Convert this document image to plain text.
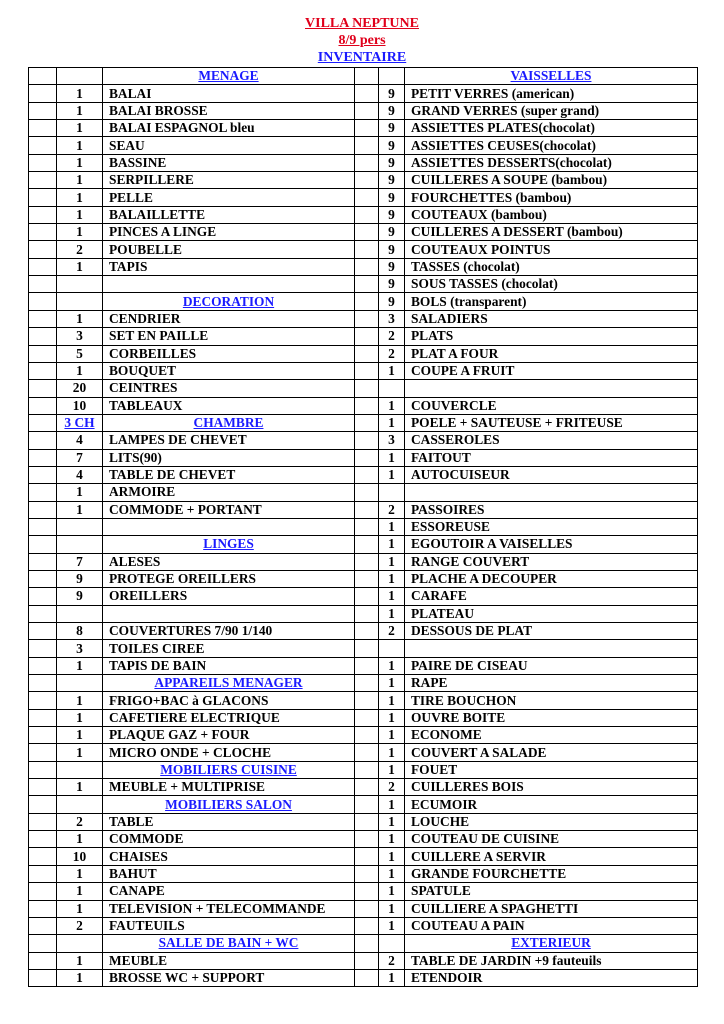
VILLA NEPTUNE
8/9 pers
INVENTAIRE
		MENAGE			VAISSELLES
	1	BALAI		9	PETIT VERRES (american)
	1	BALAI BROSSE		9	GRAND VERRES (super grand)
	1	BALAI ESPAGNOL bleu		9	ASSIETTES PLATES(chocolat)
	1	SEAU		9	ASSIETTES CEUSES(chocolat)
	1	BASSINE		9	ASSIETTES DESSERTS(chocolat)
	1	SERPILLERE		9	CUILLERES A SOUPE (bambou)
	1	PELLE		9	FOURCHETTES (bambou)
	1	BALAILLETTE		9	COUTEAUX (bambou)
	1	PINCES A LINGE		9	CUILLERES A DESSERT (bambou)
	2	POUBELLE		9	COUTEAUX POINTUS
	1	TAPIS		9	TASSES (chocolat)
				9	SOUS TASSES (chocolat)
		DECORATION		9	BOLS (transparent)
	1	CENDRIER		3	SALADIERS
	3	SET EN PAILLE		2	PLATS
	5	CORBEILLES		2	PLAT A FOUR
	1	BOUQUET		1	COUPE A FRUIT
	20	CEINTRES			
	10	TABLEAUX		1	COUVERCLE
	3 CH	CHAMBRE		1	POELE + SAUTEUSE + FRITEUSE
	4	LAMPES DE CHEVET		3	CASSEROLES
	7	LITS(90)		1	FAITOUT
	4	TABLE DE CHEVET		1	AUTOCUISEUR
	1	ARMOIRE			
	1	COMMODE + PORTANT		2	PASSOIRES
				1	ESSOREUSE
		LINGES		1	EGOUTOIR A VAISELLES
	7	ALESES		1	RANGE COUVERT
	9	PROTEGE OREILLERS		1	PLACHE A DECOUPER
	9	OREILLERS		1	CARAFE
				1	PLATEAU
	8	COUVERTURES 7/90 1/140		2	DESSOUS DE PLAT
	3	TOILES CIREE			
	1	TAPIS DE BAIN		1	PAIRE DE CISEAU
		APPAREILS MENAGER		1	RAPE
	1	FRIGO+BAC à GLACONS		1	TIRE BOUCHON
	1	CAFETIERE ELECTRIQUE		1	OUVRE BOITE
	1	PLAQUE GAZ + FOUR		1	ECONOME
	1	MICRO ONDE + CLOCHE		1	COUVERT A SALADE
		MOBILIERS CUISINE		1	FOUET
	1	MEUBLE + MULTIPRISE		2	CUILLERES BOIS
		MOBILIERS SALON		1	ECUMOIR
	2	TABLE		1	LOUCHE
	1	COMMODE		1	COUTEAU DE CUISINE
	10	CHAISES		1	CUILLERE A SERVIR
	1	BAHUT		1	GRANDE FOURCHETTE
	1	CANAPE		1	SPATULE
	1	TELEVISION + TELECOMMANDE		1	CUILLIERE A SPAGHETTI
	2	FAUTEUILS		1	COUTEAU A PAIN
		SALLE DE BAIN + WC			EXTERIEUR
	1	MEUBLE		2	TABLE DE JARDIN +9 fauteuils
	1	BROSSE WC + SUPPORT		1	ETENDOIR
